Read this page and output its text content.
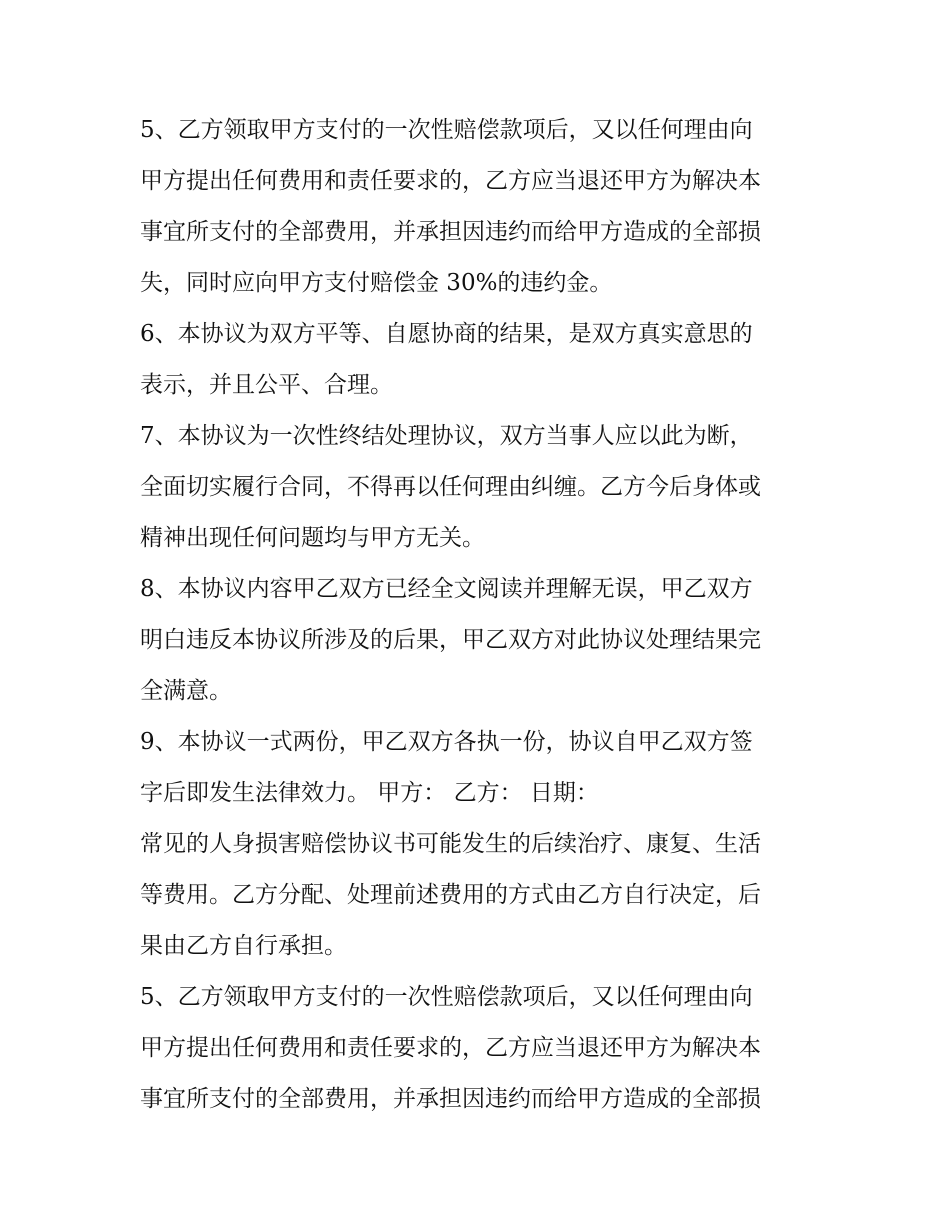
5、乙方领取甲方支付的一次性赔偿款项后，又以任何理由向
甲方提出任何费用和责任要求的，乙方应当退还甲方为解决本
事宜所支付的全部费用，并承担因违约而给甲方造成的全部损
失，同时应向甲方支付赔偿金 30%的违约金。
6、本协议为双方平等、自愿协商的结果，是双方真实意思的
表示，并且公平、合理。
7、本协议为一次性终结处理协议，双方当事人应以此为断，
全面切实履行合同，不得再以任何理由纠缠。乙方今后身体或
精神出现任何问题均与甲方无关。
8、本协议内容甲乙双方已经全文阅读并理解无误，甲乙双方
明白违反本协议所涉及的后果，甲乙双方对此协议处理结果完
全满意。
9、本协议一式两份，甲乙双方各执一份，协议自甲乙双方签
字后即发生法律效力。 甲方： 乙方： 日期：
常见的人身损害赔偿协议书可能发生的后续治疗、康复、生活
等费用。乙方分配、处理前述费用的方式由乙方自行决定，后
果由乙方自行承担。
5、乙方领取甲方支付的一次性赔偿款项后，又以任何理由向
甲方提出任何费用和责任要求的，乙方应当退还甲方为解决本
事宜所支付的全部费用，并承担因违约而给甲方造成的全部损
